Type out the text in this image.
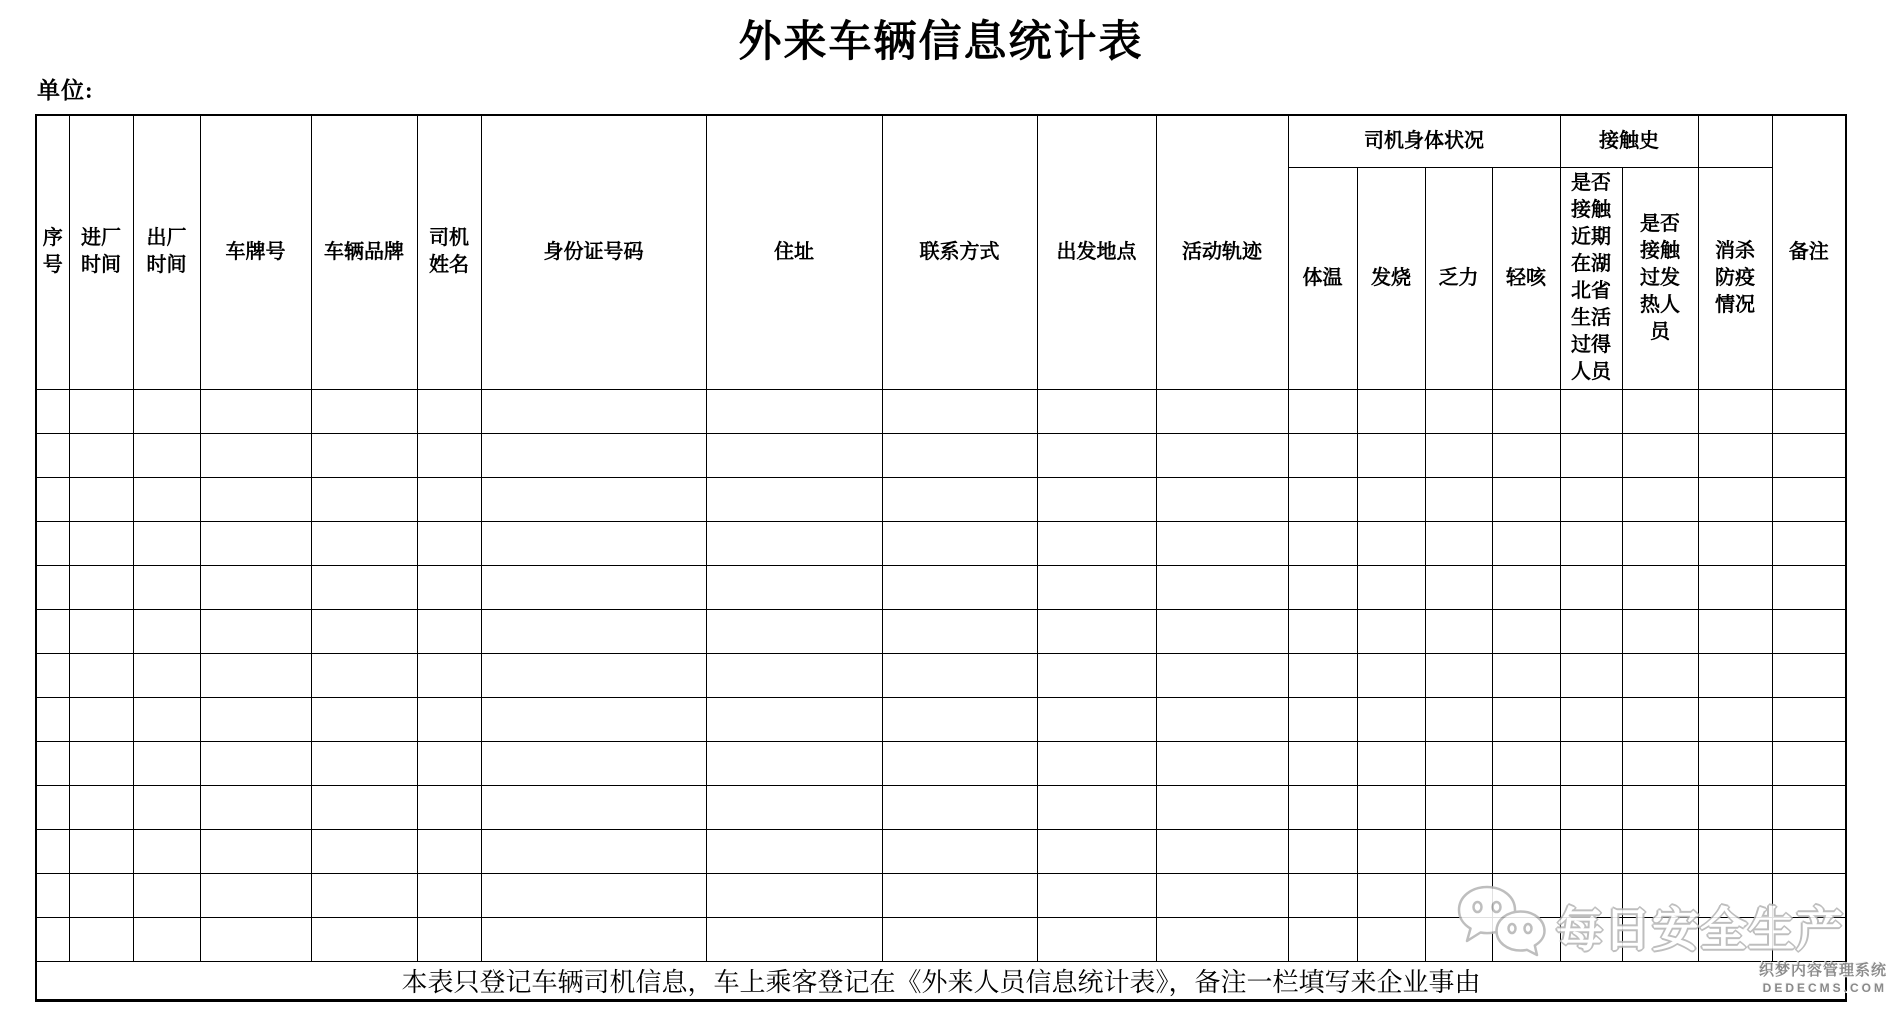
外来车辆信息统计表
单位:
序号	进厂时间	出厂时间	车牌号	车辆品牌	司机姓名	身份证号码	住址	联系方式	出发地点	活动轨迹	司机身体状况				接触史			备注
											体温	发烧	乏力	轻咳	是否接触近期在湖北省生活过得人员	是否接触过发热人员	消杀防疫情况	

本表只登记车辆司机信息，车上乘客登记在《外来人员信息统计表》，备注一栏填写来企业事由																		
每日安全生产
织梦内容管理系统
DEDECMS.COM
